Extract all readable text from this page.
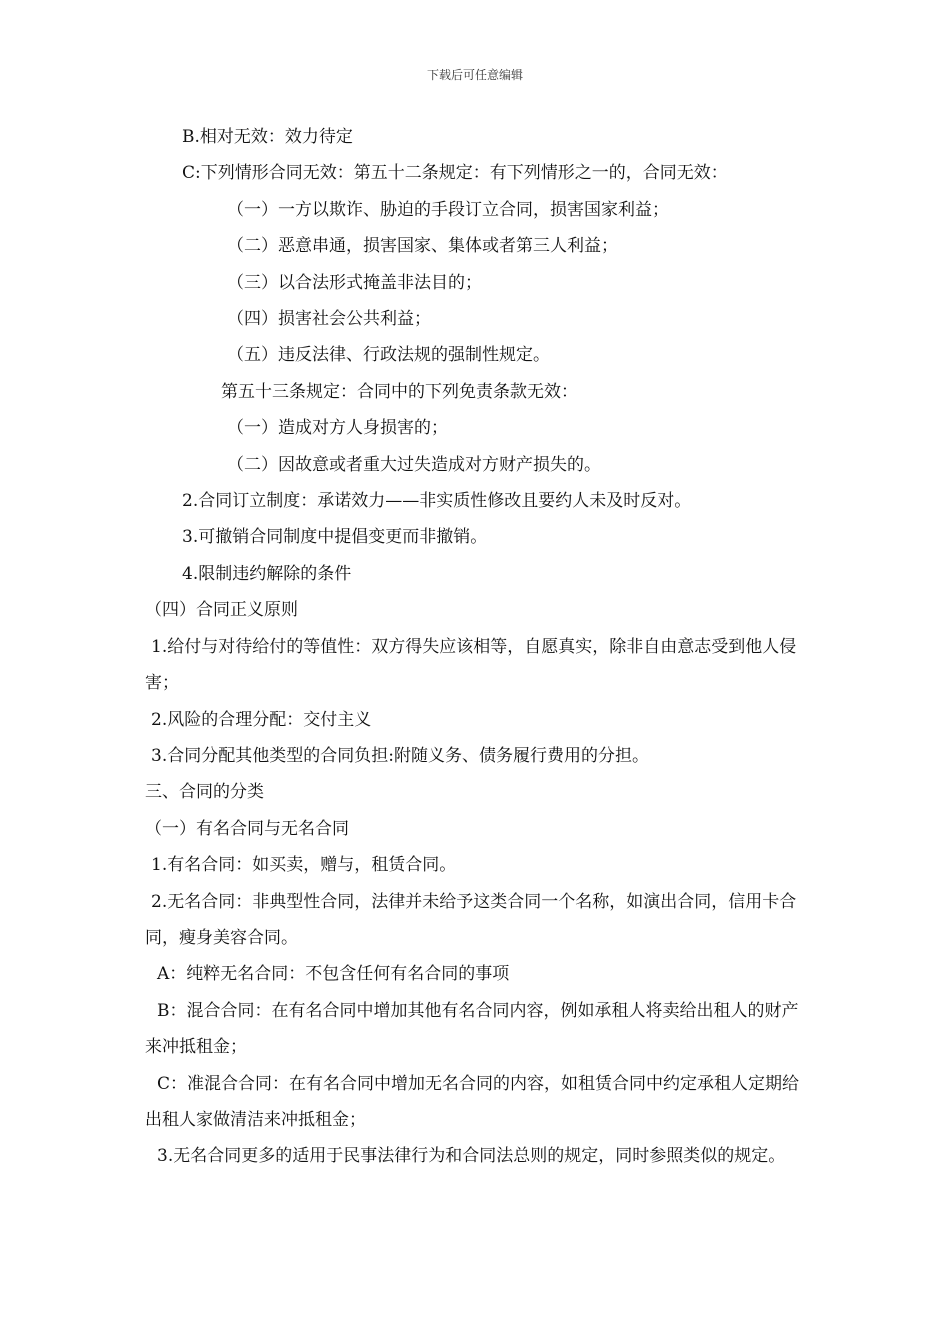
下载后可任意编辑

B.相对无效：效力待定

C:下列情形合同无效：第五十二条规定：有下列情形之一的，合同无效：

（一）一方以欺诈、胁迫的手段订立合同，损害国家利益；

（二）恶意串通，损害国家、集体或者第三人利益；

（三）以合法形式掩盖非法目的；

（四）损害社会公共利益；

（五）违反法律、行政法规的强制性规定。

第五十三条规定：合同中的下列免责条款无效：

（一）造成对方人身损害的；

（二）因故意或者重大过失造成对方财产损失的。

2.合同订立制度：承诺效力——非实质性修改且要约人未及时反对。

3.可撤销合同制度中提倡变更而非撤销。

4.限制违约解除的条件

（四）合同正义原则

1.给付与对待给付的等值性：双方得失应该相等，自愿真实，除非自由意志受到他人侵害；

2.风险的合理分配：交付主义

3.合同分配其他类型的合同负担:附随义务、债务履行费用的分担。

三、合同的分类

（一）有名合同与无名合同

1.有名合同：如买卖，赠与，租赁合同。

2.无名合同：非典型性合同，法律并未给予这类合同一个名称，如演出合同，信用卡合同，瘦身美容合同。

A：纯粹无名合同：不包含任何有名合同的事项

B：混合合同：在有名合同中增加其他有名合同内容，例如承租人将卖给出租人的财产来冲抵租金；

C：准混合合同：在有名合同中增加无名合同的内容，如租赁合同中约定承租人定期给出租人家做清洁来冲抵租金；

3.无名合同更多的适用于民事法律行为和合同法总则的规定，同时参照类似的规定。
